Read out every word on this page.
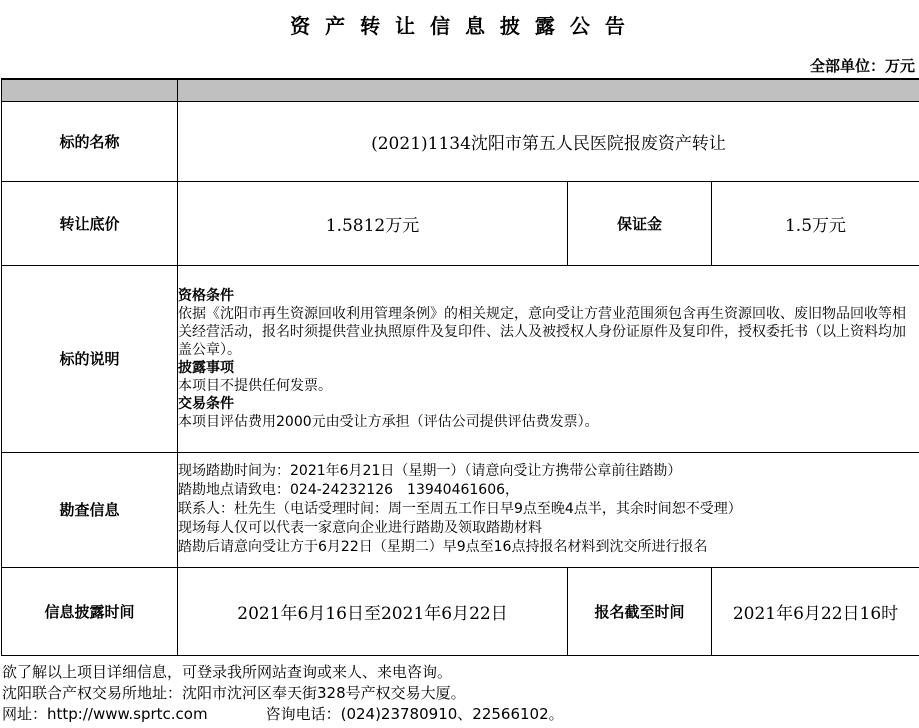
资 产 转 让 信 息 披 露 公 告
全部单位：万元

标的名称	(2021)1134沈阳市第五人民医院报废资产转让		
转让底价	1.5812万元	保证金	1.5万元
标的说明	
资格条件
依据《沈阳市再生资源回收利用管理条例》的相关规定，意向受让方营业范围须包含再生资源回收、废旧物品回收等相关经营活动，报名时须提供营业执照原件及复印件、法人及被授权人身份证原件及复印件，授权委托书（以上资料均加盖公章）。
披露事项
本项目不提供任何发票。
交易条件
本项目评估费用2000元由受让方承担（评估公司提供评估费发票）。

勘查信息	现场踏勘时间为：2021年6月21日（星期一）（请意向受让方携带公章前往踏勘）
踏勘地点请致电：024-24232126　13940461606，
联系人：杜先生（电话受理时间：周一至周五工作日早9点至晚4点半，其余时间恕不受理）
现场每人仅可以代表一家意向企业进行踏勘及领取踏勘材料
踏勘后请意向受让方于6月22日（星期二）早9点至16点持报名材料到沈交所进行报名		

信息披露时间	2021年6月16日至2021年6月22日	报名截至时间	2021年6月22日16时
欲了解以上项目详细信息，可登录我所网站查询或来人、来电咨询。
沈阳联合产权交易所地址：沈阳市沈河区奉天街328号产权交易大厦。
网址：http://www.sprtc.com	咨询电话：(024)23780910、22566102。
